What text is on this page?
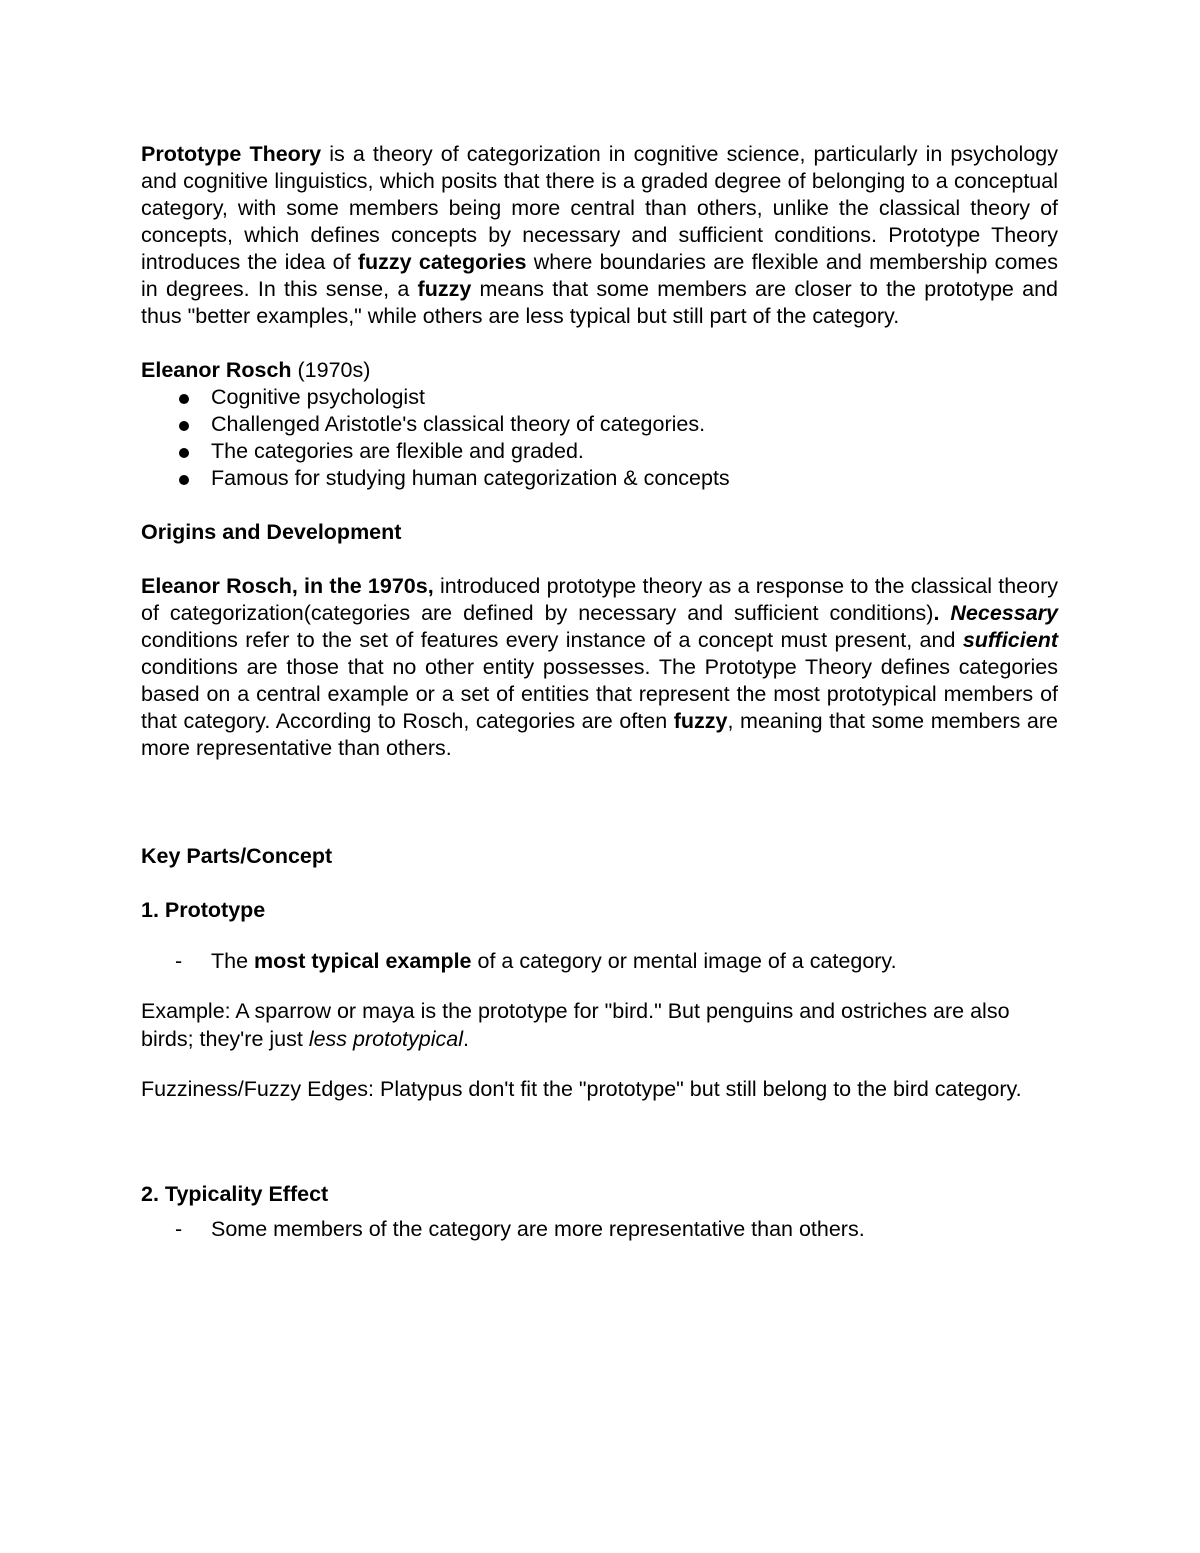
Prototype Theory is a theory of categorization in cognitive science, particularly in psychology and cognitive linguistics, which posits that there is a graded degree of belonging to a conceptual category, with some members being more central than others, unlike the classical theory of concepts, which defines concepts by necessary and sufficient conditions. Prototype Theory introduces the idea of fuzzy categories where boundaries are flexible and membership comes in degrees. In this sense, a fuzzy means that some members are closer to the prototype and thus "better examples," while others are less typical but still part of the category.

Eleanor Rosch (1970s)

Cognitive psychologist
Challenged Aristotle's classical theory of categories.
The categories are flexible and graded.
Famous for studying human categorization & concepts

Origins and Development

Eleanor Rosch, in the 1970s, introduced prototype theory as a response to the classical theory of categorization(categories are defined by necessary and sufficient conditions). Necessary conditions refer to the set of features every instance of a concept must present, and sufficient conditions are those that no other entity possesses. The Prototype Theory defines categories based on a central example or a set of entities that represent the most prototypical members of that category. According to Rosch, categories are often fuzzy, meaning that some members are more representative than others.

Key Parts/Concept

1. Prototype

- The most typical example of a category or mental image of a category.

Example: A sparrow or maya is the prototype for "bird." But penguins and ostriches are also birds; they're just less prototypical.

Fuzziness/Fuzzy Edges: Platypus don't fit the "prototype" but still belong to the bird category.

2. Typicality Effect

- Some members of the category are more representative than others.
